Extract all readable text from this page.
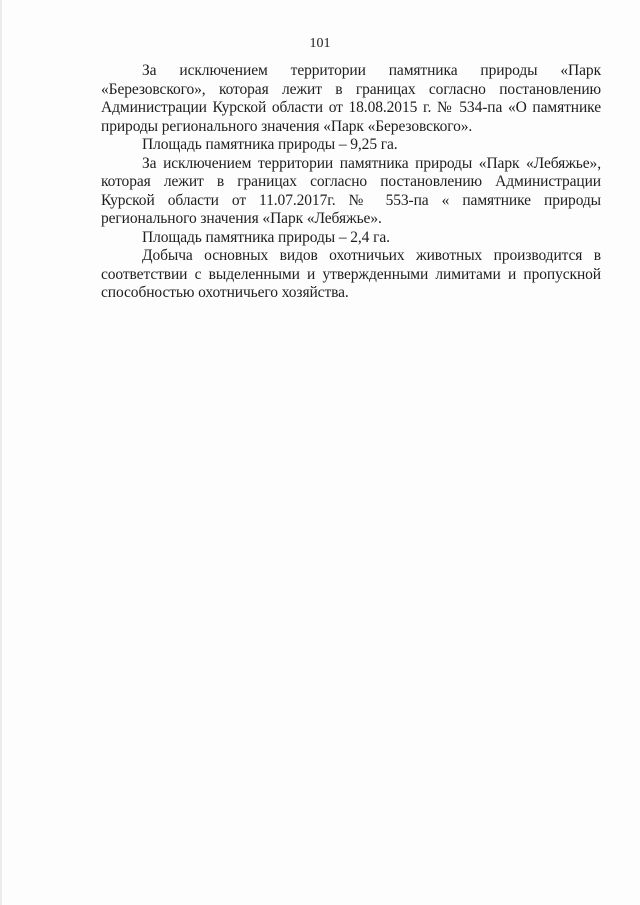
101

За исключением территории памятника природы «Парк «Березовского», которая лежит в границах согласно постановлению Администрации Курской области от 18.08.2015 г. № 534-па «О памятнике природы регионального значения «Парк «Березовского».

Площадь памятника природы – 9,25 га.

За исключением территории памятника природы «Парк «Лебяжье», которая лежит в границах согласно постановлению Администрации Курской области от 11.07.2017г. № 553-па « памятнике природы регионального значения «Парк «Лебяжье».

Площадь памятника природы – 2,4 га.

Добыча основных видов охотничьих животных производится в соответствии с выделенными и утвержденными лимитами и пропускной способностью охотничьего хозяйства.
